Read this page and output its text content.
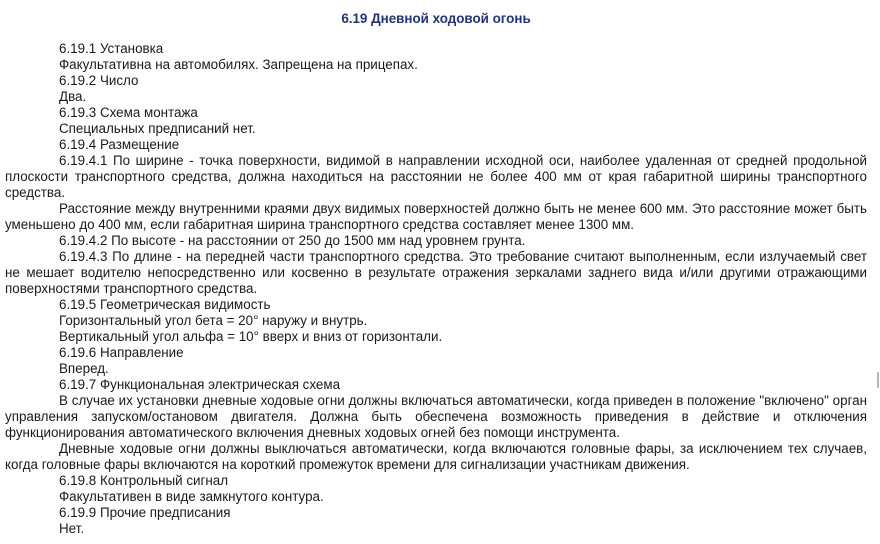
6.19 Дневной ходовой огонь

6.19.1 Установка

Факультативна на автомобилях. Запрещена на прицепах.

6.19.2 Число

Два.

6.19.3 Схема монтажа

Специальных предписаний нет.

6.19.4 Размещение

6.19.4.1 По ширине - точка поверхности, видимой в направлении исходной оси, наиболее удаленная от средней продольной плоскости транспортного средства, должна находиться на расстоянии не более 400 мм от края габаритной ширины транспортного средства.

Расстояние между внутренними краями двух видимых поверхностей должно быть не менее 600 мм. Это расстояние может быть уменьшено до 400 мм, если габаритная ширина транспортного средства составляет менее 1300 мм.

6.19.4.2 По высоте - на расстоянии от 250 до 1500 мм над уровнем грунта.

6.19.4.3 По длине - на передней части транспортного средства. Это требование считают выполненным, если излучаемый свет не мешает водителю непосредственно или косвенно в результате отражения зеркалами заднего вида и/или другими отражающими поверхностями транспортного средства.

6.19.5 Геометрическая видимость

Горизонтальный угол бета = 20° наружу и внутрь.

Вертикальный угол альфа = 10° вверх и вниз от горизонтали.

6.19.6 Направление

Вперед.

6.19.7 Функциональная электрическая схема

В случае их установки дневные ходовые огни должны включаться автоматически, когда приведен в положение "включено" орган управления запуском/остановом двигателя. Должна быть обеспечена возможность приведения в действие и отключения функционирования автоматического включения дневных ходовых огней без помощи инструмента.

Дневные ходовые огни должны выключаться автоматически, когда включаются головные фары, за исключением тех случаев, когда головные фары включаются на короткий промежуток времени для сигнализации участникам движения.

6.19.8 Контрольный сигнал

Факультативен в виде замкнутого контура.

6.19.9 Прочие предписания

Нет.
